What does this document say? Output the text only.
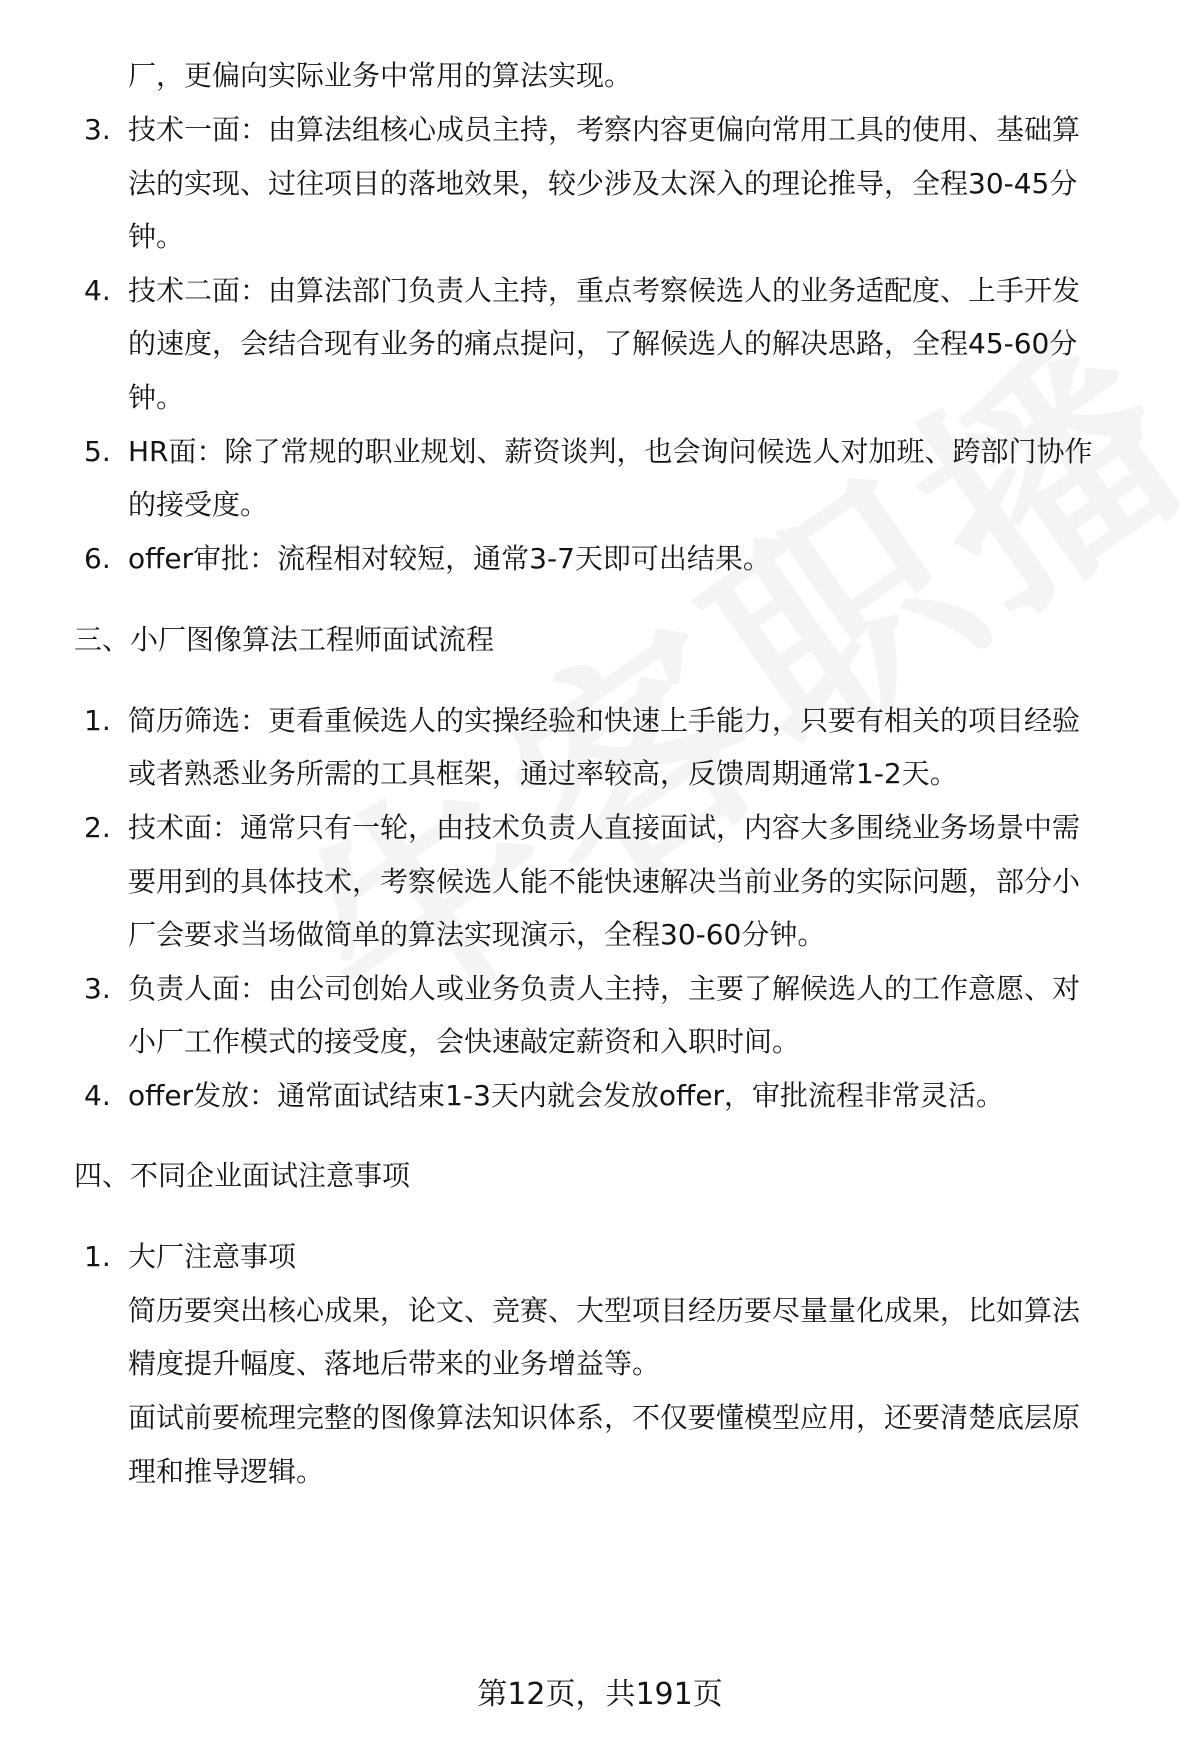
厂，更偏向实际业务中常用的算法实现。
3. 技术一面：由算法组核心成员主持，考察内容更偏向常用工具的使用、基础算
法的实现、过往项目的落地效果，较少涉及太深入的理论推导，全程30-45分
钟。
4. 技术二面：由算法部门负责人主持，重点考察候选人的业务适配度、上手开发
的速度，会结合现有业务的痛点提问，了解候选人的解决思路，全程45-60分
钟。
5. HR面：除了常规的职业规划、薪资谈判，也会询问候选人对加班、跨部门协作
的接受度。
6. offer审批：流程相对较短，通常3-7天即可出结果。
三、小厂图像算法工程师面试流程
1. 简历筛选：更看重候选人的实操经验和快速上手能力，只要有相关的项目经验
或者熟悉业务所需的工具框架，通过率较高，反馈周期通常1-2天。
2. 技术面：通常只有一轮，由技术负责人直接面试，内容大多围绕业务场景中需
要用到的具体技术，考察候选人能不能快速解决当前业务的实际问题，部分小
厂会要求当场做简单的算法实现演示，全程30-60分钟。
3. 负责人面：由公司创始人或业务负责人主持，主要了解候选人的工作意愿、对
小厂工作模式的接受度，会快速敲定薪资和入职时间。
4. offer发放：通常面试结束1-3天内就会发放offer，审批流程非常灵活。
四、不同企业面试注意事项
1. 大厂注意事项
简历要突出核心成果，论文、竞赛、大型项目经历要尽量量化成果，比如算法
精度提升幅度、落地后带来的业务增益等。
面试前要梳理完整的图像算法知识体系，不仅要懂模型应用，还要清楚底层原
理和推导逻辑。
第12页，共191页
